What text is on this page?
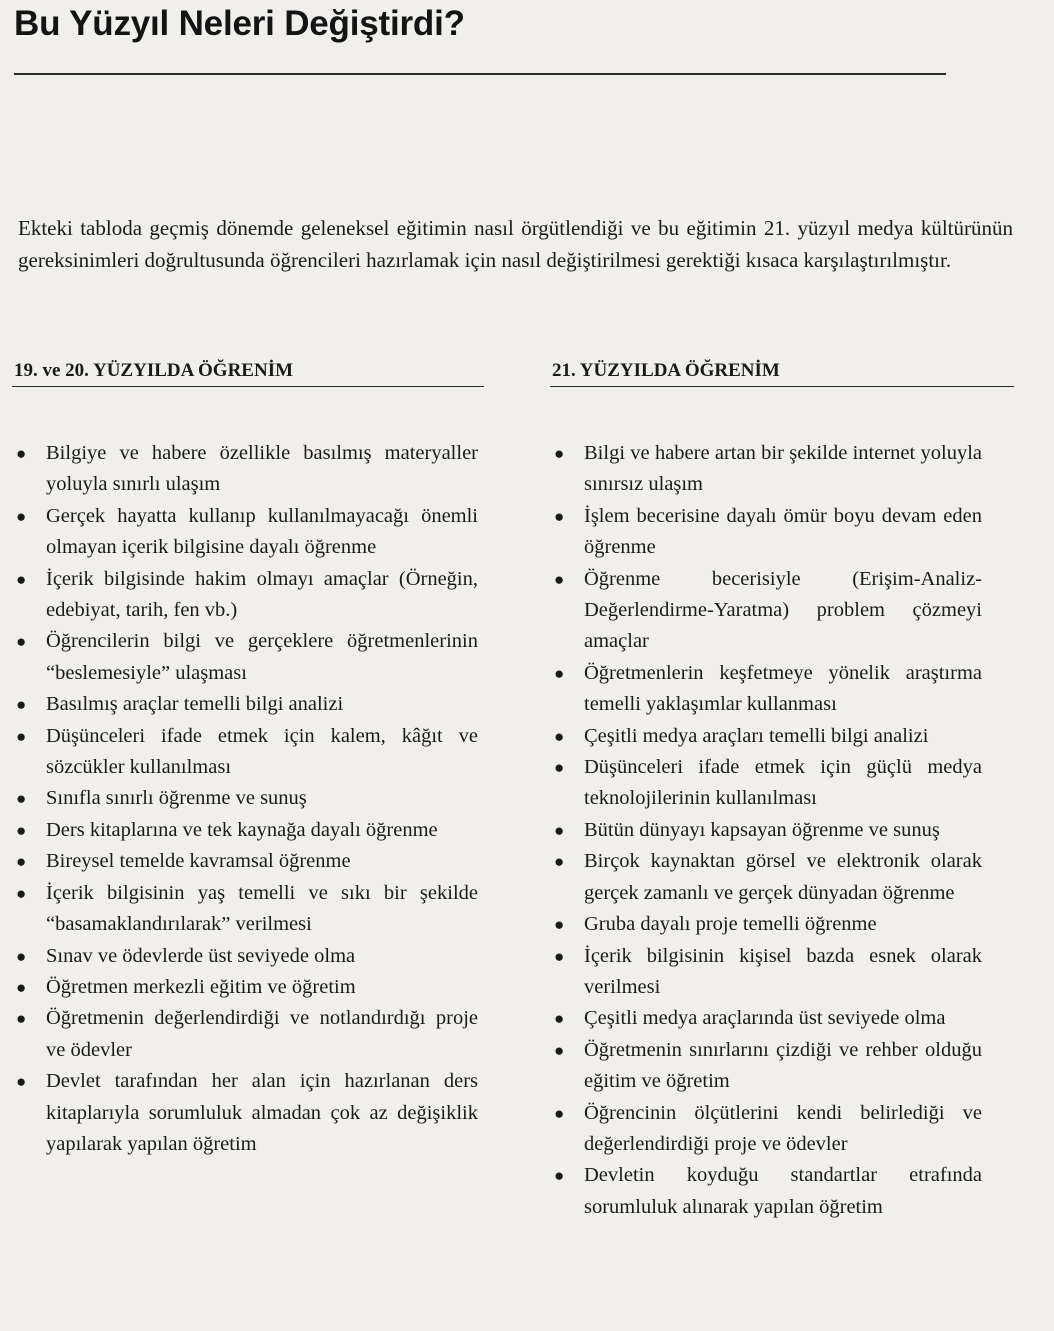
Bu Yüzyıl Neleri Değiştirdi?

Ekteki tabloda geçmiş dönemde geleneksel eğitimin nasıl örgütlendiği ve bu eğitimin 21. yüzyıl medya kültürünün gereksinimleri doğrultusunda öğrencileri hazırlamak için nasıl değiştirilmesi gerektiği kısaca karşılaştırılmıştır.

19. ve 20. YÜZYILDA ÖĞRENİM
● Bilgiye ve habere özellikle basılmış materyaller yoluyla sınırlı ulaşım
● Gerçek hayatta kullanıp kullanılmayacağı önemli olmayan içerik bilgisine dayalı öğrenme
● İçerik bilgisinde hakim olmayı amaçlar (Örneğin, edebiyat, tarih, fen vb.)
● Öğrencilerin bilgi ve gerçeklere öğretmenlerinin “beslemesiyle” ulaşması
● Basılmış araçlar temelli bilgi analizi
● Düşünceleri ifade etmek için kalem, kâğıt ve sözcükler kullanılması
● Sınıfla sınırlı öğrenme ve sunuş
● Ders kitaplarına ve tek kaynağa dayalı öğrenme
● Bireysel temelde kavramsal öğrenme
● İçerik bilgisinin yaş temelli ve sıkı bir şekilde “basamaklandırılarak” verilmesi
● Sınav ve ödevlerde üst seviyede olma
● Öğretmen merkezli eğitim ve öğretim
● Öğretmenin değerlendirdiği ve notlandırdığı proje ve ödevler
● Devlet tarafından her alan için hazırlanan ders kitaplarıyla sorumluluk almadan çok az değişiklik yapılarak yapılan öğretim
21. YÜZYILDA ÖĞRENİM
● Bilgi ve habere artan bir şekilde internet yoluyla sınırsız ulaşım
● İşlem becerisine dayalı ömür boyu devam eden öğrenme
● Öğrenme becerisiyle (Erişim-Analiz-Değerlendirme-Yaratma) problem çözmeyi amaçlar
● Öğretmenlerin keşfetmeye yönelik araştırma temelli yaklaşımlar kullanması
● Çeşitli medya araçları temelli bilgi analizi
● Düşünceleri ifade etmek için güçlü medya teknolojilerinin kullanılması
● Bütün dünyayı kapsayan öğrenme ve sunuş
● Birçok kaynaktan görsel ve elektronik olarak gerçek zamanlı ve gerçek dünyadan öğrenme
● Gruba dayalı proje temelli öğrenme
● İçerik bilgisinin kişisel bazda esnek olarak verilmesi
● Çeşitli medya araçlarında üst seviyede olma
● Öğretmenin sınırlarını çizdiği ve rehber olduğu eğitim ve öğretim
● Öğrencinin ölçütlerini kendi belirlediği ve değerlendirdiği proje ve ödevler
● Devletin koyduğu standartlar etrafında sorumluluk alınarak yapılan öğretim
